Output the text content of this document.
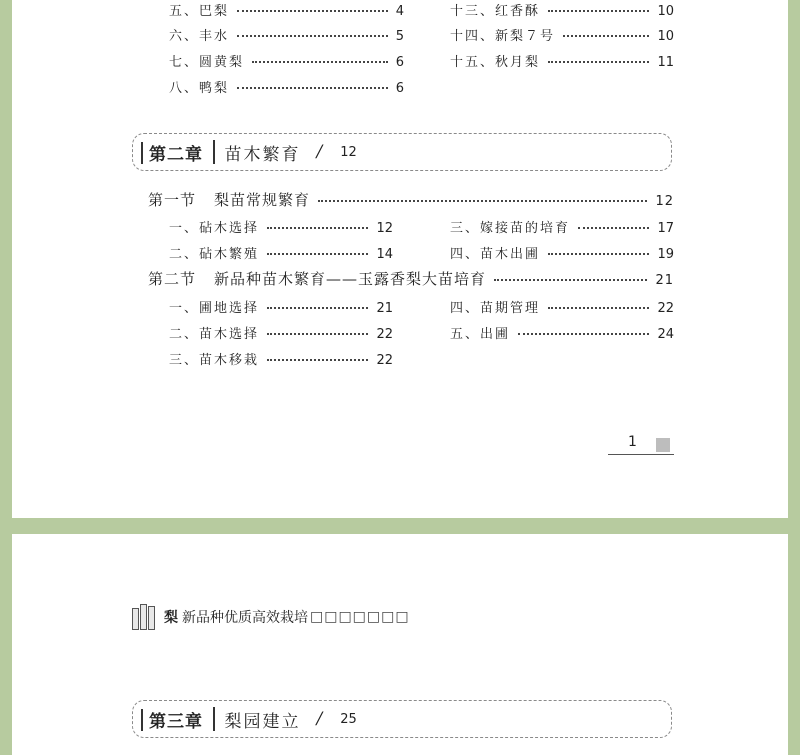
五、巴梨	4
六、丰水	5
七、圆黄梨	6
八、鸭梨	6
十三、红香酥	10
十四、新梨７号	10
十五、秋月梨	11
第二章 苗木繁育 / 12
第一节 梨苗常规繁育	12
一、砧木选择	12
二、砧木繁殖	14
三、嫁接苗的培育	17
四、苗木出圃	19
第二节 新品种苗木繁育——玉露香梨大苗培育	21
一、圃地选择	21
二、苗木选择	22
三、苗木移栽	22
四、苗期管理	22
五、出圃	24
1
梨 新品种优质高效栽培 □□□□□□□
第三章 梨园建立 / 25
